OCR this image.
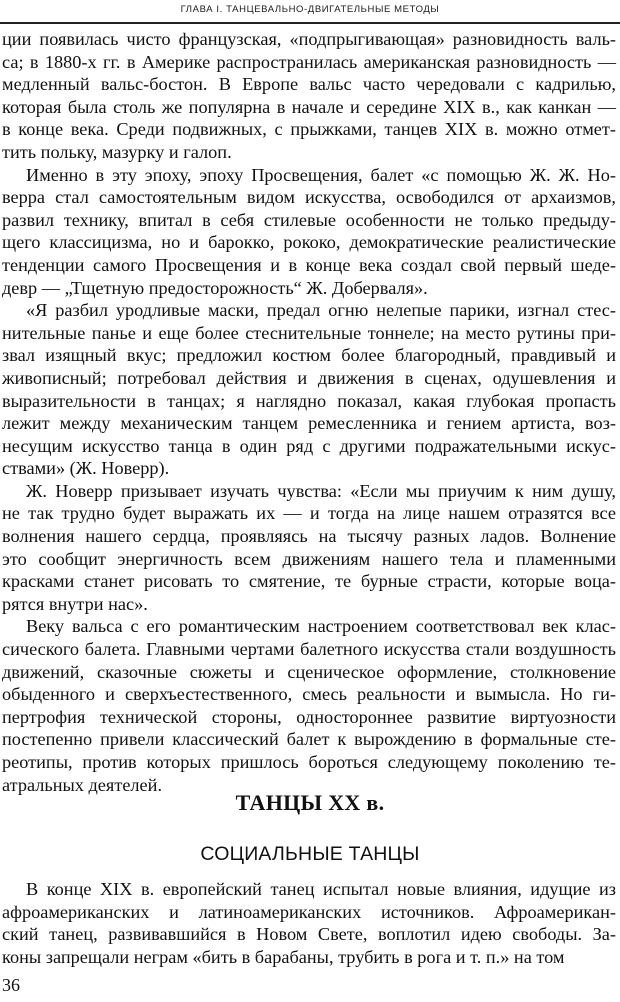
ГЛАВА I. ТАНЦЕВАЛЬНО-ДВИГАТЕЛЬНЫЕ МЕТОДЫ
ции появилась чисто французская, «подпрыгивающая» разновидность валь-
са; в 1880-х гг. в Америке распространилась американская разновидность —
медленный вальс-бостон. В Европе вальс часто чередовали с кадрилью,
которая была столь же популярна в начале и середине XIX в., как канкан —
в конце века. Среди подвижных, с прыжками, танцев XIX в. можно отмет-
тить польку, мазурку и галоп.
Именно в эту эпоху, эпоху Просвещения, балет «с помощью Ж. Ж. Но-
верра стал самостоятельным видом искусства, освободился от архаизмов,
развил технику, впитал в себя стилевые особенности не только предыду-
щего классицизма, но и барокко, рококо, демократические реалистические
тенденции самого Просвещения и в конце века создал свой первый шеде-
девр — „Тщетную предосторожность“ Ж. Доберваля».
«Я разбил уродливые маски, предал огню нелепые парики, изгнал стес-
нительные панье и еще более стеснительные тоннеле; на место рутины при-
звал изящный вкус; предложил костюм более благородный, правдивый и
живописный; потребовал действия и движения в сценах, одушевления и
выразительности в танцах; я наглядно показал, какая глубокая пропасть
лежит между механическим танцем ремесленника и гением артиста, воз-
несущим искусство танца в один ряд с другими подражательными искус-
ствами» (Ж. Новерр).
Ж. Новерр призывает изучать чувства: «Если мы приучим к ним душу,
не так трудно будет выражать их — и тогда на лице нашем отразятся все
волнения нашего сердца, проявляясь на тысячу разных ладов. Волнение
это сообщит энергичность всем движениям нашего тела и пламенными
красками станет рисовать то смятение, те бурные страсти, которые воца-
рятся внутри нас».
Веку вальса с его романтическим настроением соответствовал век клас-
сического балета. Главными чертами балетного искусства стали воздушность
движений, сказочные сюжеты и сценическое оформление, столкновение
обыденного и сверхъестественного, смесь реальности и вымысла. Но ги-
пертрофия технической стороны, одностороннее развитие виртуозности
постепенно привели классический балет к вырождению в формальные сте-
реотипы, против которых пришлось бороться следующему поколению те-
атральных деятелей.
ТАНЦЫ XX в.
СОЦИАЛЬНЫЕ ТАНЦЫ
В конце XIX в. европейский танец испытал новые влияния, идущие из
афроамериканских и латиноамериканских источников. Афроамерикан-
ский танец, развивавшийся в Новом Свете, воплотил идею свободы. За-
коны запрещали неграм «бить в барабаны, трубить в рога и т. п.» на том
36
